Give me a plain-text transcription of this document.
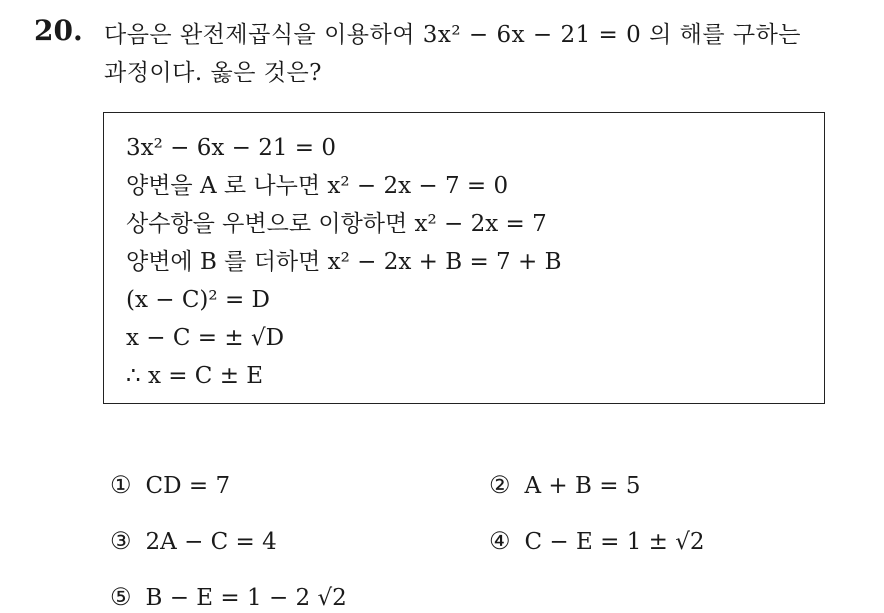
20. 다음은 완전제곱식을 이용하여 3x² − 6x − 21 = 0 의 해를 구하는
과정이다. 옳은 것은?
3x² − 6x − 21 = 0
양변을 A 로 나누면 x² − 2x − 7 = 0
상수항을 우변으로 이항하면 x² − 2x = 7
양변에 B 를 더하면 x² − 2x + B = 7 + B
(x − C)² = D
x − C = ± √D
∴ x = C ± E
① CD = 7	② A + B = 5
③ 2A − C = 4	④ C − E = 1 ± √2
⑤ B − E = 1 − 2 √2
